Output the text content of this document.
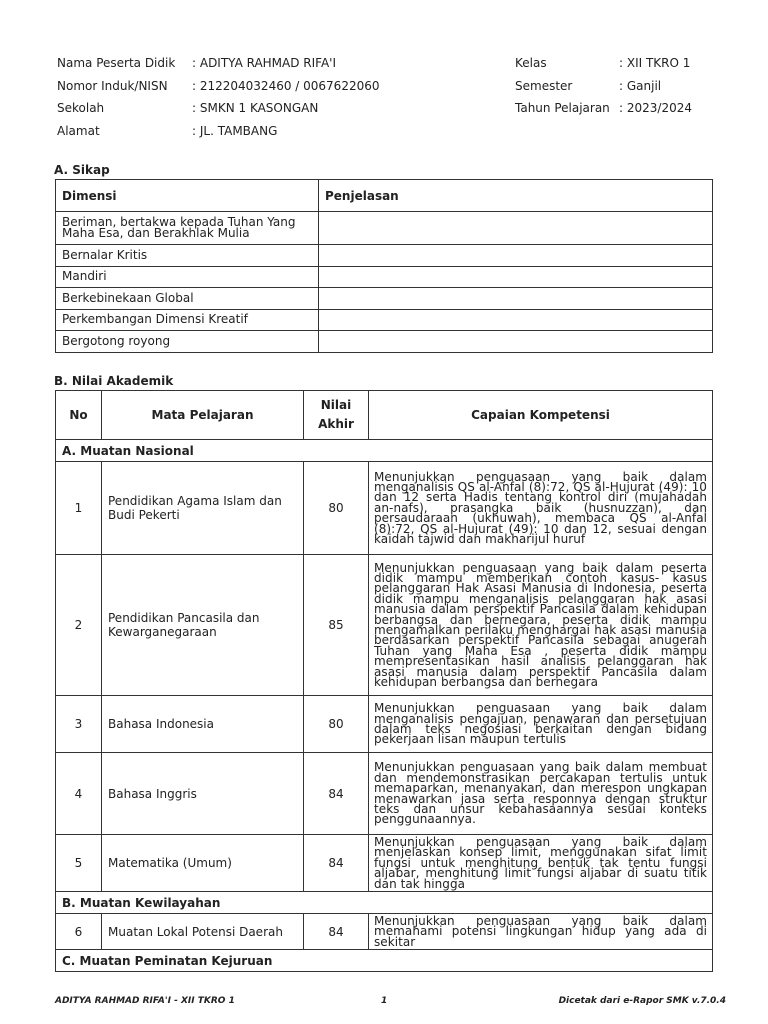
Nama Peserta Didik : ADITYA RAHMAD RIFA'I	Kelas	: XII TKRO 1
Nomor Induk/NISN : 212204032460 / 0067622060	Semester	: Ganjil
Sekolah	: SMKN 1 KASONGAN	Tahun Pelajaran : 2023/2024
Alamat	: JL. TAMBANG
A. Sikap
Dimensi	Penjelasan
Beriman, bertakwa kepada Tuhan Yang Maha Esa, dan Berakhlak Mulia	
Bernalar Kritis	
Mandiri	
Berkebinekaan Global	
Perkembangan Dimensi Kreatif	
Bergotong royong	
B. Nilai Akademik
No	Mata Pelajaran	Nilai Akhir	Capaian Kompetensi
A. Muatan Nasional			
1	Pendidikan Agama Islam dan Budi Pekerti	80	Menunjukkan penguasaan yang baik dalam menganalisis QS al-Anfal (8):72, QS al-Hujurat (49): 10 dan 12 serta Hadis tentang kontrol diri (mujahadah an-nafs), prasangka baik (husnuzzan), dan persaudaraan (ukhuwah), membaca QS al-Anfal (8):72, QS al-Hujurat (49): 10 dan 12, sesuai dengan kaidah tajwid dan makharijul huruf
2	Pendidikan Pancasila dan Kewarganegaraan	85	Menunjukkan penguasaan yang baik dalam peserta didik mampu memberikan contoh kasus- kasus pelanggaran Hak Asasi Manusia di Indonesia, peserta didik mampu menganalisis pelanggaran hak asasi manusia dalam perspektif Pancasila dalam kehidupan berbangsa dan bernegara, peserta didik mampu mengamalkan perilaku menghargai hak asasi manusia berdasarkan perspektif Pancasila sebagai anugerah Tuhan yang Maha Esa , peserta didik mampu mempresentasikan hasil analisis pelanggaran hak asasi manusia dalam perspektif Pancasila dalam kehidupan berbangsa dan bernegara
3	Bahasa Indonesia	80	Menunjukkan penguasaan yang baik dalam menganalisis pengajuan, penawaran dan persetujuan dalam teks negosiasi berkaitan dengan bidang pekerjaan lisan maupun tertulis
4	Bahasa Inggris	84	Menunjukkan penguasaan yang baik dalam membuat dan mendemonstrasikan percakapan tertulis untuk memaparkan, menanyakan, dan merespon ungkapan menawarkan jasa serta responnya dengan struktur teks dan unsur kebahasaannya sesuai konteks penggunaannya.
5	Matematika (Umum)	84	Menunjukkan penguasaan yang baik dalam menjelaskan konsep limit, menggunakan sifat limit fungsi untuk menghitung bentuk tak tentu fungsi aljabar, menghitung limit fungsi aljabar di suatu titik dan tak hingga
B. Muatan Kewilayahan			
6	Muatan Lokal Potensi Daerah	84	Menunjukkan penguasaan yang baik dalam memahami potensi lingkungan hidup yang ada di sekitar
C. Muatan Peminatan Kejuruan			
ADITYA RAHMAD RIFA'I - XII TKRO 1	1	Dicetak dari e-Rapor SMK v.7.0.4
